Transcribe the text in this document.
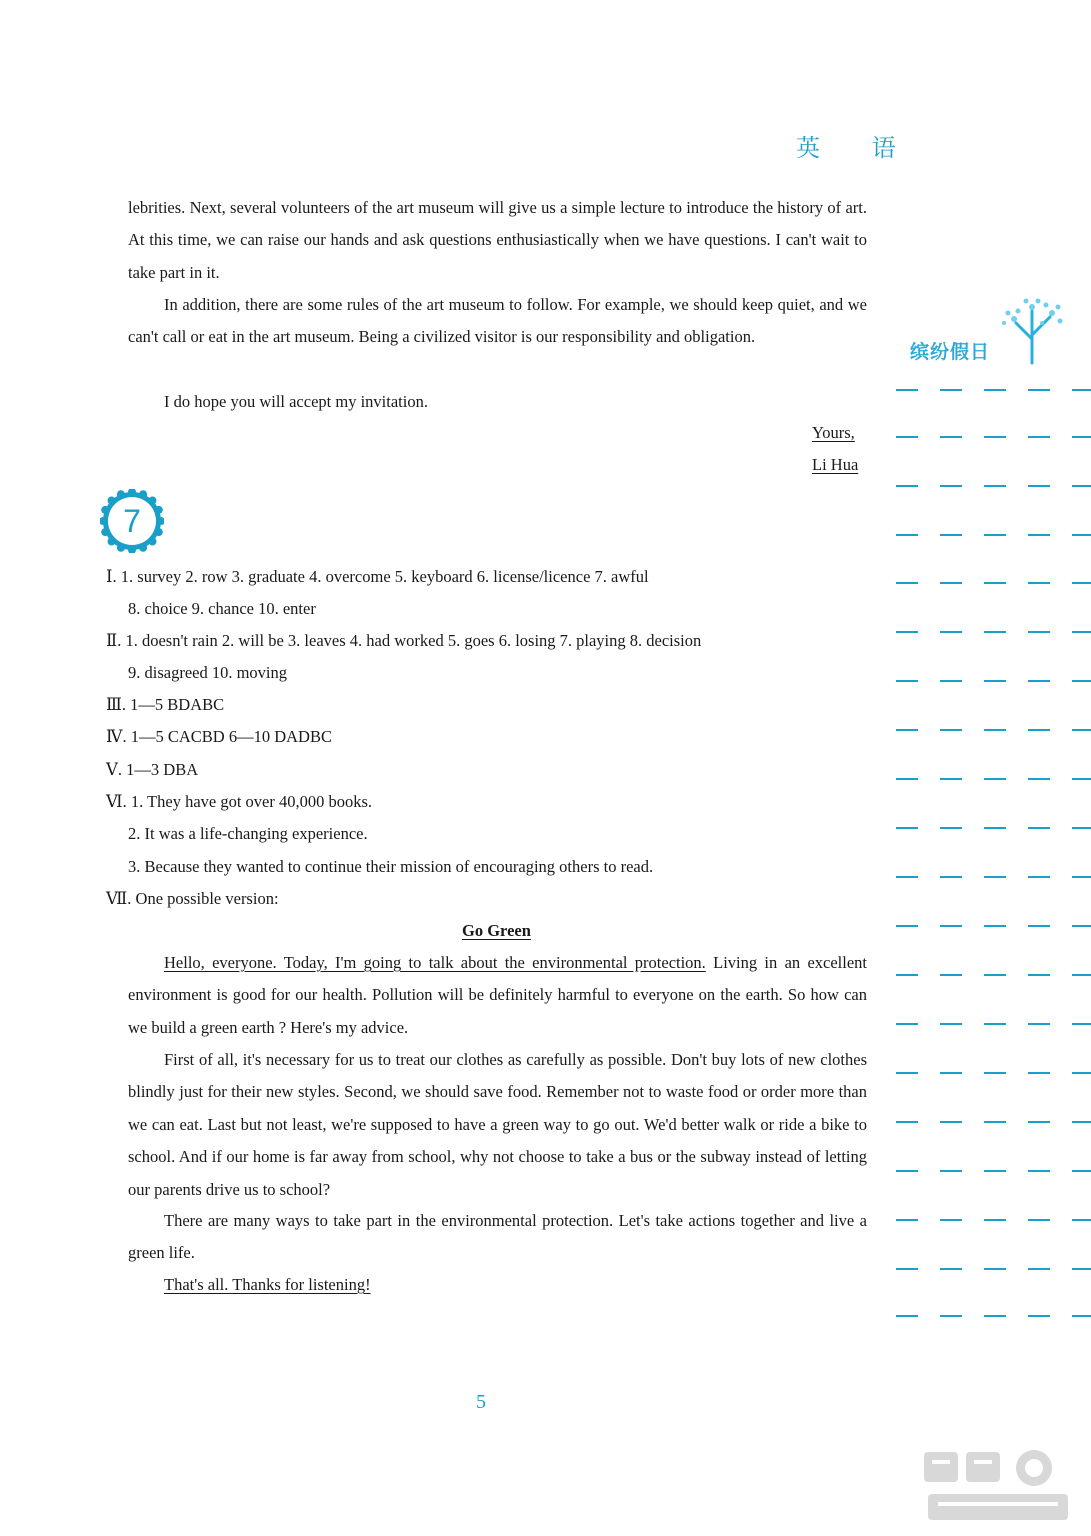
英 语
lebrities. Next, several volunteers of the art museum will give us a simple lecture to introduce the history of art. At this time, we can raise our hands and ask questions enthusiastically when we have questions. I can't wait to take part in it.
In addition, there are some rules of the art museum to follow. For example, we should keep quiet, and we can't call or eat in the art museum. Being a civilized visitor is our responsibility and obligation.
I do hope you will accept my invitation.
Yours,
Li Hua
7
Ⅰ. 1. survey 2. row 3. graduate 4. overcome 5. keyboard 6. license/licence 7. awful
8. choice 9. chance 10. enter
Ⅱ. 1. doesn't rain 2. will be 3. leaves 4. had worked 5. goes 6. losing 7. playing 8. decision
9. disagreed 10. moving
Ⅲ. 1—5 BDABC
Ⅳ. 1—5 CACBD 6—10 DADBC
Ⅴ. 1—3 DBA
Ⅵ. 1. They have got over 40,000 books.
2. It was a life-changing experience.
3. Because they wanted to continue their mission of encouraging others to read.
Ⅶ. One possible version:
Go Green
Hello, everyone. Today, I'm going to talk about the environmental protection. Living in an excellent environment is good for our health. Pollution will be definitely harmful to everyone on the earth. So how can we build a green earth ? Here's my advice.
First of all, it's necessary for us to treat our clothes as carefully as possible. Don't buy lots of new clothes blindly just for their new styles. Second, we should save food. Remember not to waste food or order more than we can eat. Last but not least, we're supposed to have a green way to go out. We'd better walk or ride a bike to school. And if our home is far away from school, why not choose to take a bus or the subway instead of letting our parents drive us to school?
There are many ways to take part in the environmental protection. Let's take actions together and live a green life.
That's all. Thanks for listening!
缤纷假日
5
